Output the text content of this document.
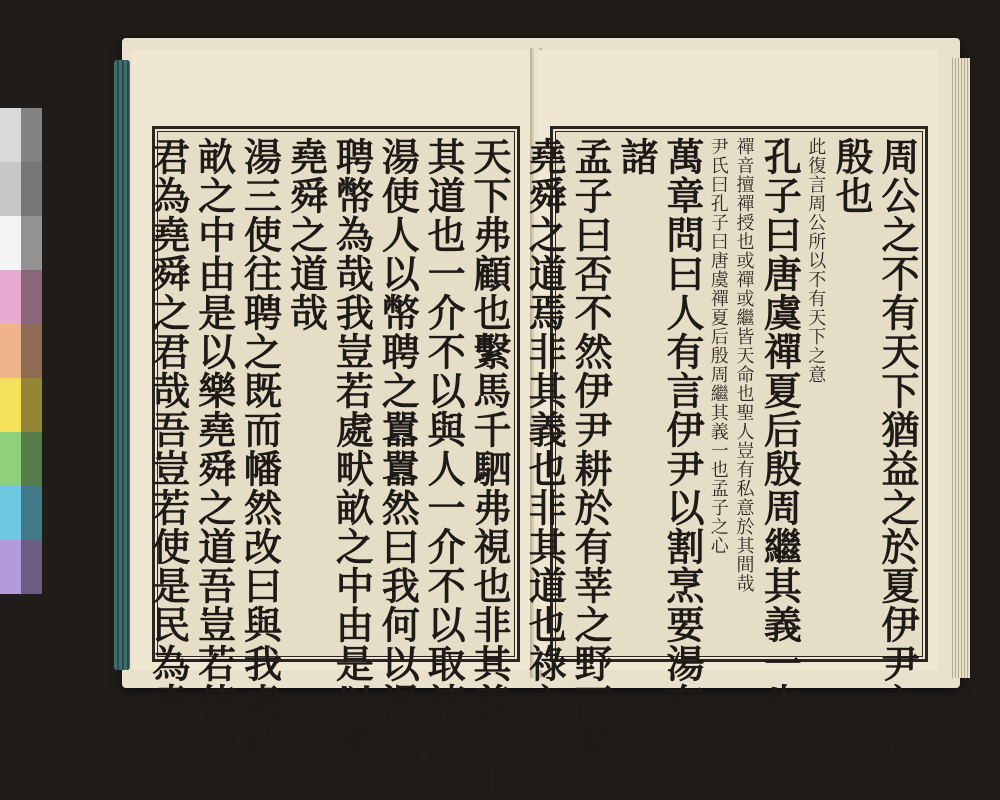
天下弗顧也繫馬千駟弗視也非其義也非
其道也一介不以與人一介不以取諸人
湯使人以幣聘之囂囂然曰我何以湯之
聘幣為哉我豈若處畎畝之中由是以樂
堯舜之道哉
湯三使往聘之既而幡然改曰與我處畎
畝之中由是以樂堯舜之道吾豈若使是
君為堯舜之君哉吾豈若使是民為堯舜	周公之不有天下猶益之於夏伊尹之於
殷也
此復言周公所以不有天下之意
孔子曰唐虞禪夏后殷周繼其義一也
禪音擅禪授也或禪或繼皆天命也聖人豈有私意於其間哉
尹氏曰孔子曰唐虞禪夏后殷周繼其義一也孟子之心
萬章問曰人有言伊尹以割烹要湯有
諸
孟子曰否不然伊尹耕於有莘之野而樂
堯舜之道焉非其義也非其道也祿之以
